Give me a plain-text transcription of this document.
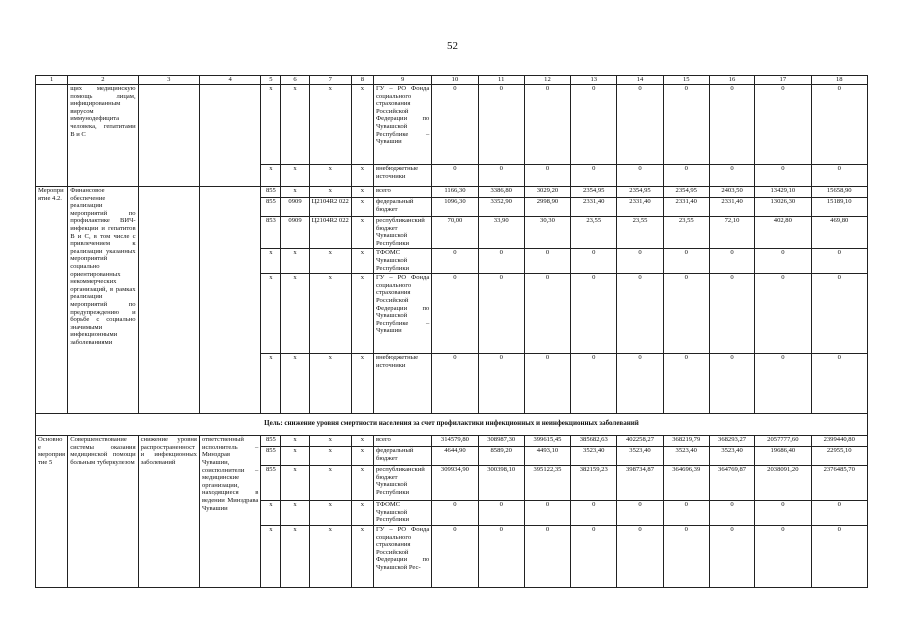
52
1	2	3	4	5	6	7	8	9	10	11	12	13	14	15	16	17	18
	щих медицинскую помощь лицам, инфицированным вирусом иммунодефицита человека, гепатитами B и C			x	x	x	x	ГУ – РО Фонда социального страхования Российской Федерации по Чувашской Республике – Чувашии	0	0	0	0	0	0	0	0	0
				x	x	x	x	внебюджетные источники	0	0	0	0	0	0	0	0	0
Мероприятие 4.2.	Финансовое обеспечение реализации мероприятий по профилактике ВИЧ-инфекции и гепатитов B и C, в том числе с привлечением к реализации указанных мероприятий социально ориентированных некоммерческих организаций, в рамках реализации мероприятий по предупреждению и борьбе с социально значимыми инфекционными заболеваниями			855	x	x	x	всего	1166,30	3386,80	3029,20	2354,95	2354,95	2354,95	2403,50	13429,10	15658,90
				855	0909	Ц2104R2 022	x	федеральный бюджет	1096,30	3352,90	2998,90	2331,40	2331,40	2331,40	2331,40	13026,30	15189,10
				853	0909	Ц2104R2 022	x	республиканский бюджет Чувашской Республики	70,00	33,90	30,30	23,55	23,55	23,55	72,10	402,80	469,80
				x	x	x	x	ТФОМС Чувашской Республики	0	0	0	0	0	0	0	0	0
				x	x	x	x	ГУ – РО Фонда социального страхования Российской Федерации по Чувашской Республике – Чувашии	0	0	0	0	0	0	0	0	0
				x	x	x	x	внебюджетные источники	0	0	0	0	0	0	0	0	0
Цель: снижение уровня смертности населения за счет профилактики инфекционных и неинфекционных заболеваний																	
Основное мероприятие 5	Совершенствование системы оказания медицинской помощи больным туберкулезом	снижение уровня распространенности инфекционных заболеваний	ответственный исполнитель – Минздрав Чувашии, соисполнители – медицинские организации, находящиеся в ведении Минздрава Чувашии	855	x	x	x	всего	314579,80	308987,30	399615,45	385682,63	402258,27	368219,79	368293,27	2057777,60	2399440,80
				855	x	x	x	федеральный бюджет	4644,90	8589,20	4493,10	3523,40	3523,40	3523,40	3523,40	19686,40	22955,10
				855	x	x	x	республиканский бюджет Чувашской Республики	309934,90	300398,10	395122,35	382159,23	398734,87	364696,39	364769,87	2038091,20	2376485,70
				x	x	x	x	ТФОМС Чувашской Республики	0	0	0	0	0	0	0	0	0
				x	x	x	x	ГУ – РО Фонда социального страхования Российской Федерации по Чувашской Рес-	0	0	0	0	0	0	0	0	0
